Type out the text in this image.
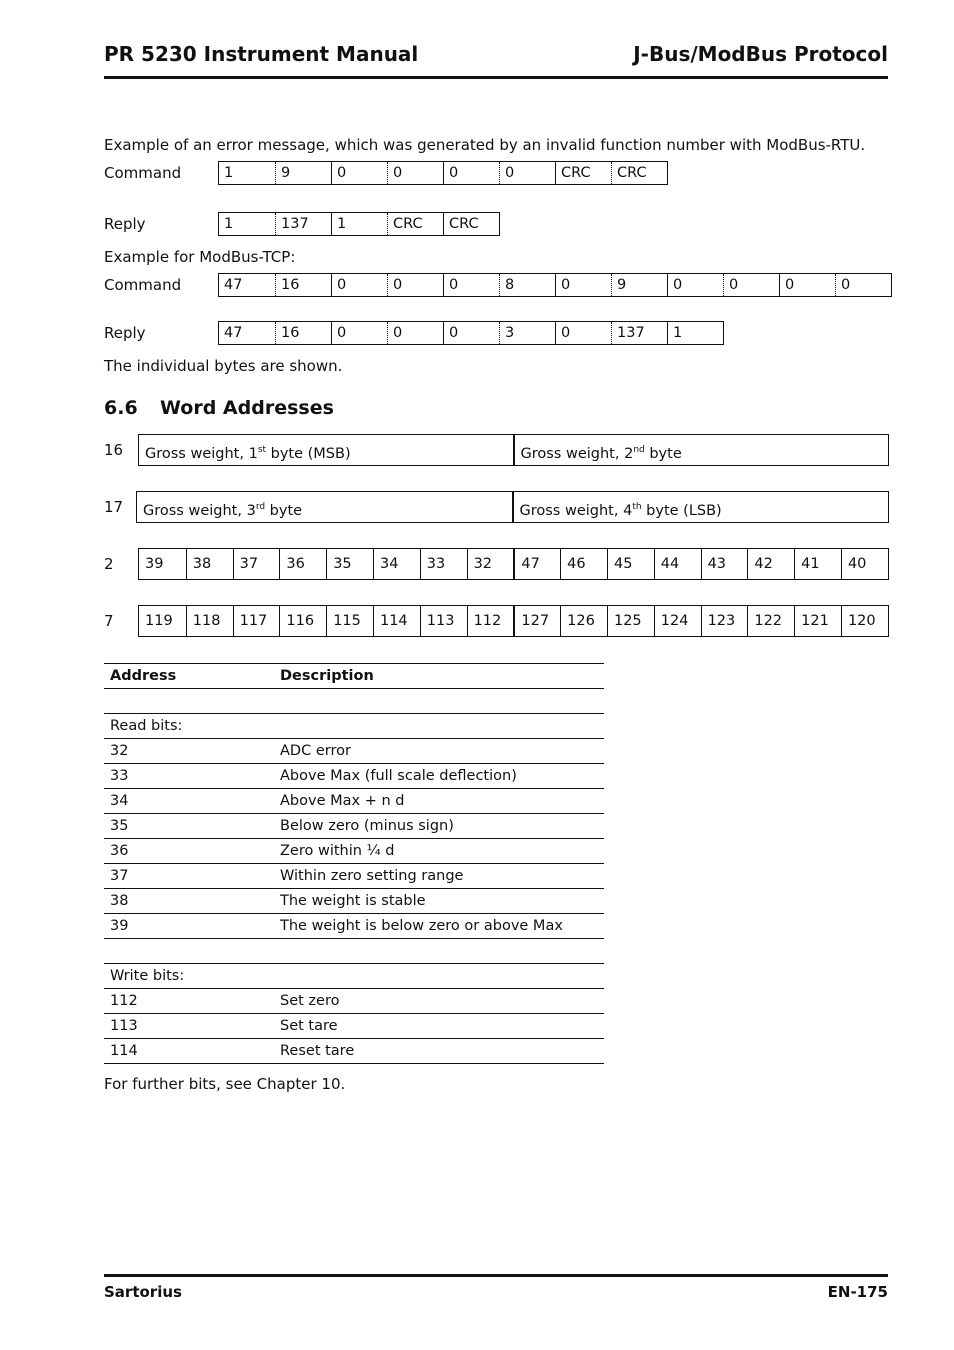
PR 5230 Instrument Manual	J-Bus/ModBus Protocol
Example of an error message, which was generated by an invalid function number with ModBus-RTU.
Command	1	9	0	0	0	0	CRC	CRC
Reply	1	137	1	CRC	CRC
Example for ModBus-TCP:
Command	47	16	0	0	0	8	0	9	0	0	0	0
Reply	47	16	0	0	0	3	0	137	1
The individual bytes are shown.
6.6 Word Addresses
16	Gross weight, 1st byte (MSB)	Gross weight, 2nd byte
17	Gross weight, 3rd byte	Gross weight, 4th byte (LSB)
2	39	38	37	36	35	34	33	32	47	46	45	44	43	42	41	40
7	119	118	117	116	115	114	113	112	127	126	125	124	123	122	121	120
Address	Description

Read bits:	
32	ADC error
33	Above Max (full scale deflection)
34	Above Max + n d
35	Below zero (minus sign)
36	Zero within ¼ d
37	Within zero setting range
38	The weight is stable
39	The weight is below zero or above Max

Write bits:	
112	Set zero
113	Set tare
114	Reset tare
For further bits, see Chapter 10.
Sartorius	EN-175
